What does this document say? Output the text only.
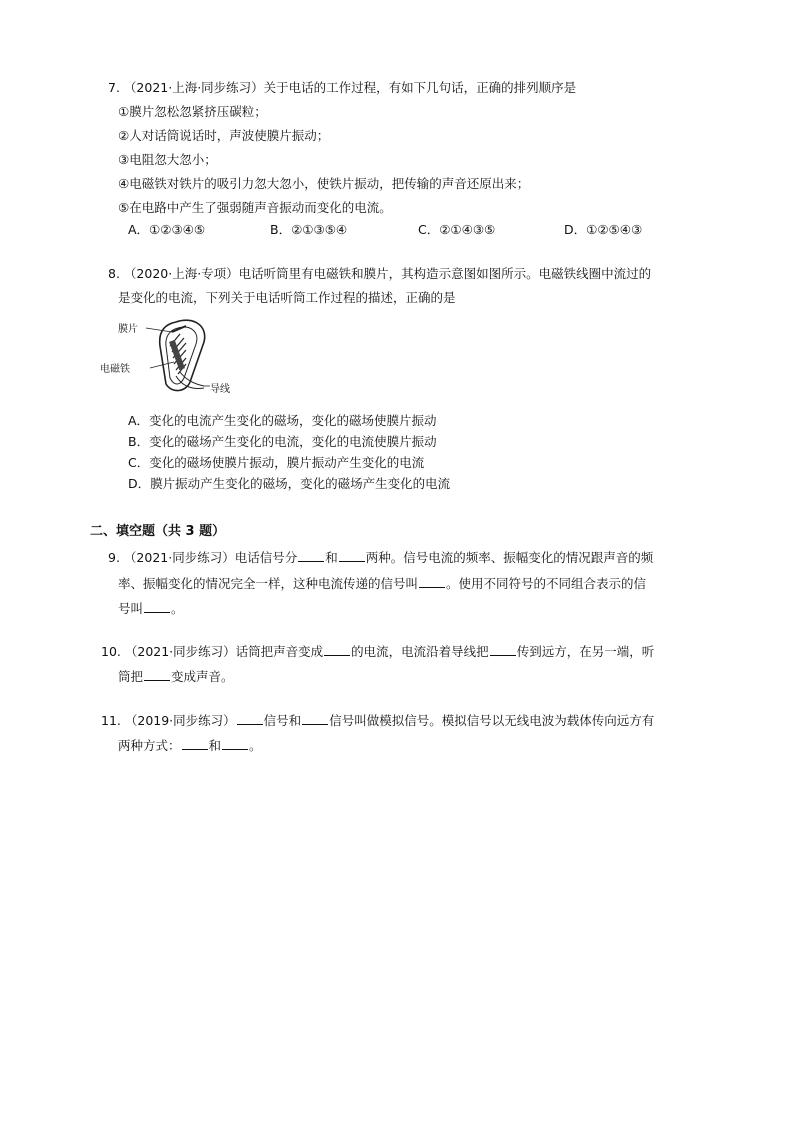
7. （2021·上海·同步练习）关于电话的工作过程，有如下几句话，正确的排列顺序是
①膜片忽松忽紧挤压碳粒；
②人对话筒说话时，声波使膜片振动；
③电阻忽大忽小；
④电磁铁对铁片的吸引力忽大忽小，使铁片振动，把传输的声音还原出来；
⑤在电路中产生了强弱随声音振动而变化的电流。
A．①②③④⑤	B．②①③⑤④	C．②①④③⑤	D．①②⑤④③
8. （2020·上海·专项）电话听筒里有电磁铁和膜片，其构造示意图如图所示。电磁铁线圈中流过的
是变化的电流，下列关于电话听筒工作过程的描述，正确的是
膜片
电磁铁
导线
A．变化的电流产生变化的磁场，变化的磁场使膜片振动
B．变化的磁场产生变化的电流，变化的电流使膜片振动
C．变化的磁场使膜片振动，膜片振动产生变化的电流
D．膜片振动产生变化的磁场，变化的磁场产生变化的电流
二、填空题（共 3 题）
9. （2021·同步练习）电话信号分 和 两种。信号电流的频率、振幅变化的情况跟声音的频
率、振幅变化的情况完全一样，这种电流传递的信号叫 。使用不同符号的不同组合表示的信
号叫 。
10. （2021·同步练习）话筒把声音变成 的电流，电流沿着导线把 传到远方，在另一端，听
筒把 变成声音。
11. （2019·同步练习） 信号和 信号叫做模拟信号。模拟信号以无线电波为载体传向远方有
两种方式： 和 。
